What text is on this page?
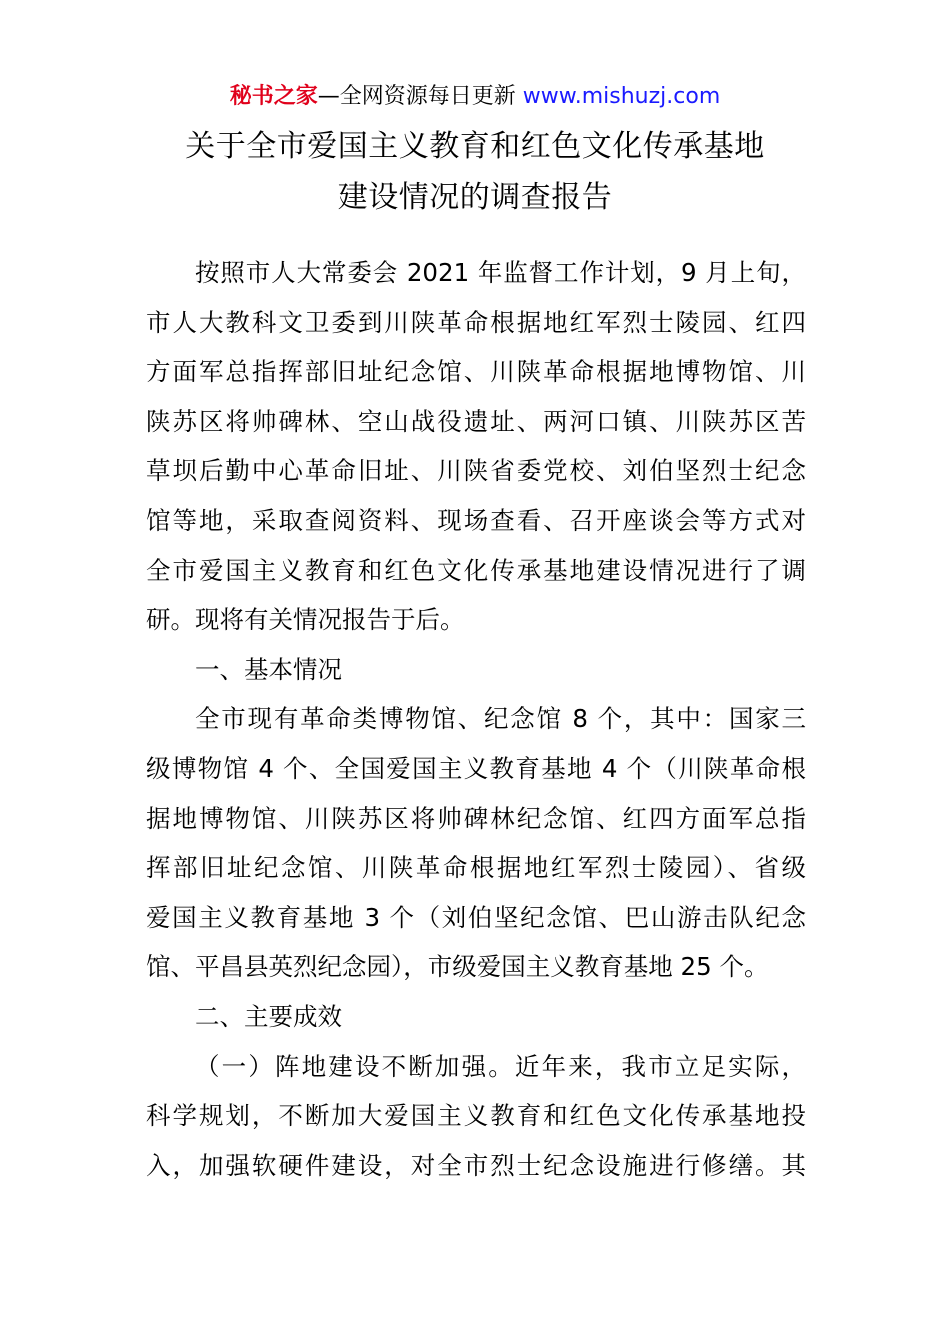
秘书之家—全网资源每日更新 www.mishuzj.com
关于全市爱国主义教育和红色文化传承基地
建设情况的调查报告
按照市人大常委会 2021 年监督工作计划，9 月上旬，
市人大教科文卫委到川陕革命根据地红军烈士陵园、红四
方面军总指挥部旧址纪念馆、川陕革命根据地博物馆、川
陕苏区将帅碑林、空山战役遗址、两河口镇、川陕苏区苦
草坝后勤中心革命旧址、川陕省委党校、刘伯坚烈士纪念
馆等地，采取查阅资料、现场查看、召开座谈会等方式对
全市爱国主义教育和红色文化传承基地建设情况进行了调
研。现将有关情况报告于后。
一、基本情况
全市现有革命类博物馆、纪念馆 8 个，其中：国家三
级博物馆 4 个、全国爱国主义教育基地 4 个（川陕革命根
据地博物馆、川陕苏区将帅碑林纪念馆、红四方面军总指
挥部旧址纪念馆、川陕革命根据地红军烈士陵园）、省级
爱国主义教育基地 3 个（刘伯坚纪念馆、巴山游击队纪念
馆、平昌县英烈纪念园），市级爱国主义教育基地 25 个。
二、主要成效
（一）阵地建设不断加强。近年来，我市立足实际，
科学规划，不断加大爱国主义教育和红色文化传承基地投
入，加强软硬件建设，对全市烈士纪念设施进行修缮。其
